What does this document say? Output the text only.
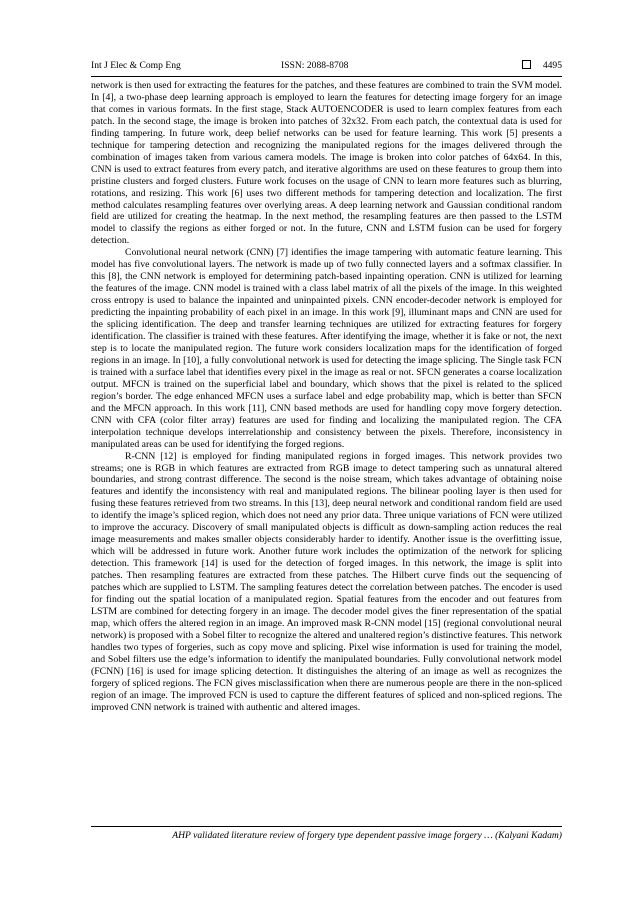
Int J Elec & Comp Eng	ISSN: 2088-8708	4495

network is then used for extracting the features for the patches, and these features are combined to train the SVM model. In [4], a two-phase deep learning approach is employed to learn the features for detecting image forgery for an image that comes in various formats. In the first stage, Stack AUTOENCODER is used to learn complex features from each patch. In the second stage, the image is broken into patches of 32x32. From each patch, the contextual data is used for finding tampering. In future work, deep belief networks can be used for feature learning. This work [5] presents a technique for tampering detection and recognizing the manipulated regions for the images delivered through the combination of images taken from various camera models. The image is broken into color patches of 64x64. In this, CNN is used to extract features from every patch, and iterative algorithms are used on these features to group them into pristine clusters and forged clusters. Future work focuses on the usage of CNN to learn more features such as blurring, rotations, and resizing. This work [6] uses two different methods for tampering detection and localization. The first method calculates resampling features over overlying areas. A deep learning network and Gaussian conditional random field are utilized for creating the heatmap. In the next method, the resampling features are then passed to the LSTM model to classify the regions as either forged or not. In the future, CNN and LSTM fusion can be used for forgery detection.

Convolutional neural network (CNN) [7] identifies the image tampering with automatic feature learning. This model has five convolutional layers. The network is made up of two fully connected layers and a softmax classifier. In this [8], the CNN network is employed for determining patch-based inpainting operation. CNN is utilized for learning the features of the image. CNN model is trained with a class label matrix of all the pixels of the image. In this weighted cross entropy is used to balance the inpainted and uninpainted pixels. CNN encoder-decoder network is employed for predicting the inpainting probability of each pixel in an image. In this work [9], illuminant maps and CNN are used for the splicing identification. The deep and transfer learning techniques are utilized for extracting features for forgery identification. The classifier is trained with these features. After identifying the image, whether it is fake or not, the next step is to locate the manipulated region. The future work considers localization maps for the identification of forged regions in an image. In [10], a fully convolutional network is used for detecting the image splicing. The Single task FCN is trained with a surface label that identifies every pixel in the image as real or not. SFCN generates a coarse localization output. MFCN is trained on the superficial label and boundary, which shows that the pixel is related to the spliced region’s border. The edge enhanced MFCN uses a surface label and edge probability map, which is better than SFCN and the MFCN approach. In this work [11], CNN based methods are used for handling copy move forgery detection. CNN with CFA (color filter array) features are used for finding and localizing the manipulated region. The CFA interpolation technique develops interrelationship and consistency between the pixels. Therefore, inconsistency in manipulated areas can be used for identifying the forged regions.

R-CNN [12] is employed for finding manipulated regions in forged images. This network provides two streams; one is RGB in which features are extracted from RGB image to detect tampering such as unnatural altered boundaries, and strong contrast difference. The second is the noise stream, which takes advantage of obtaining noise features and identify the inconsistency with real and manipulated regions. The bilinear pooling layer is then used for fusing these features retrieved from two streams. In this [13], deep neural network and conditional random field are used to identify the image’s spliced region, which does not need any prior data. Three unique variations of FCN were utilized to improve the accuracy. Discovery of small manipulated objects is difficult as down-sampling action reduces the real image measurements and makes smaller objects considerably harder to identify. Another issue is the overfitting issue, which will be addressed in future work. Another future work includes the optimization of the network for splicing detection. This framework [14] is used for the detection of forged images. In this network, the image is split into patches. Then resampling features are extracted from these patches. The Hilbert curve finds out the sequencing of patches which are supplied to LSTM. The sampling features detect the correlation between patches. The encoder is used for finding out the spatial location of a manipulated region. Spatial features from the encoder and out features from LSTM are combined for detecting forgery in an image. The decoder model gives the finer representation of the spatial map, which offers the altered region in an image. An improved mask R-CNN model [15] (regional convolutional neural network) is proposed with a Sobel filter to recognize the altered and unaltered region’s distinctive features. This network handles two types of forgeries, such as copy move and splicing. Pixel wise information is used for training the model, and Sobel filters use the edge’s information to identify the manipulated boundaries. Fully convolutional network model (FCNN) [16] is used for image splicing detection. It distinguishes the altering of an image as well as recognizes the forgery of spliced regions. The FCN gives misclassification when there are numerous people are there in the non-spliced region of an image. The improved FCN is used to capture the different features of spliced and non-spliced regions. The improved CNN network is trained with authentic and altered images.

AHP validated literature review of forgery type dependent passive image forgery … (Kalyani Kadam)
